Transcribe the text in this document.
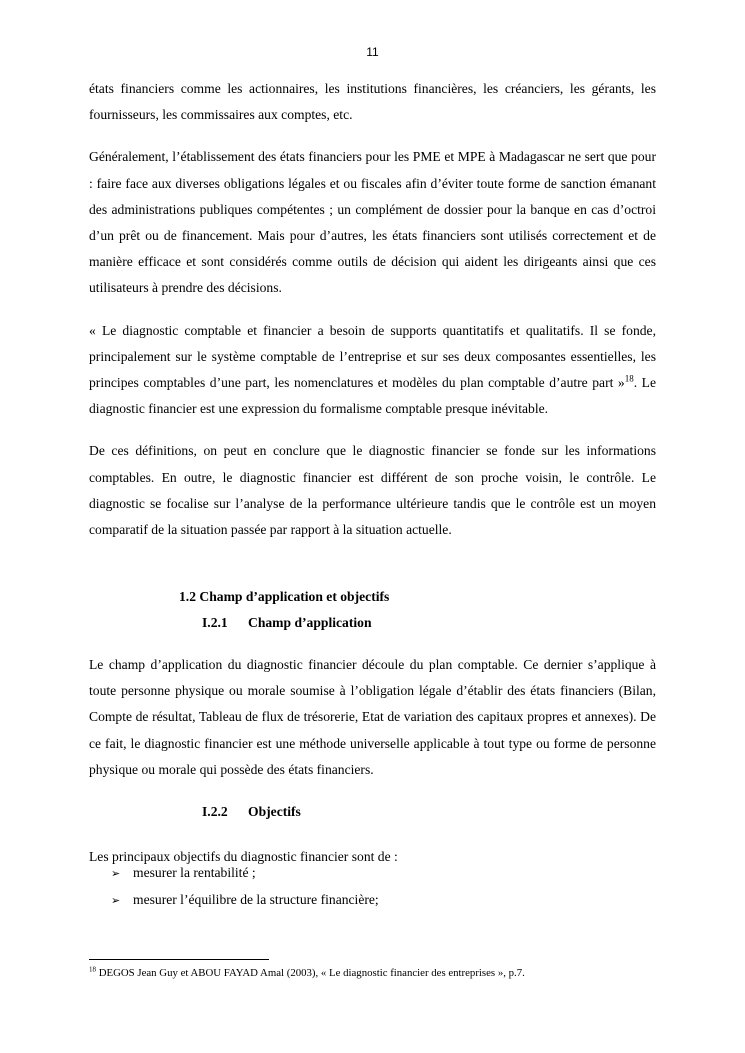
11

états financiers comme les actionnaires, les institutions financières, les créanciers, les gérants, les fournisseurs, les commissaires aux comptes, etc.

Généralement, l’établissement des états financiers pour les PME et MPE à Madagascar ne sert que pour : faire face aux diverses obligations légales et ou fiscales afin d’éviter toute forme de sanction émanant des administrations publiques compétentes ; un complément de dossier pour la banque en cas d’octroi d’un prêt ou de financement. Mais pour d’autres, les états financiers sont utilisés correctement et de manière efficace et sont considérés comme outils de décision qui aident les dirigeants ainsi que ces utilisateurs à prendre des décisions.

« Le diagnostic comptable et financier a besoin de supports quantitatifs et qualitatifs. Il se fonde, principalement sur le système comptable de l’entreprise et sur ses deux composantes essentielles, les principes comptables d’une part, les nomenclatures et modèles du plan comptable d’autre part »$^{18}$. Le diagnostic financier est une expression du formalisme comptable presque inévitable.

De ces définitions, on peut en conclure que le diagnostic financier se fonde sur les informations comptables. En outre, le diagnostic financier est différent de son proche voisin, le contrôle. Le diagnostic se focalise sur l’analyse de la performance ultérieure tandis que le contrôle est un moyen comparatif de la situation passée par rapport à la situation actuelle.

1.2 Champ d’application et objectifs
I.2.1 Champ d’application

Le champ d’application du diagnostic financier découle du plan comptable. Ce dernier s’applique à toute personne physique ou morale soumise à l’obligation légale d’établir des états financiers (Bilan, Compte de résultat, Tableau de flux de trésorerie, Etat de variation des capitaux propres et annexes). De ce fait, le diagnostic financier est une méthode universelle applicable à tout type ou forme de personne physique ou morale qui possède des états financiers.

I.2.2 Objectifs

Les principaux objectifs du diagnostic financier sont de :

➢ mesurer la rentabilité ;
➢ mesurer l’équilibre de la structure financière;
$^{18}$ DEGOS Jean Guy et ABOU FAYAD Amal (2003), « Le diagnostic financier des entreprises », p.7.
